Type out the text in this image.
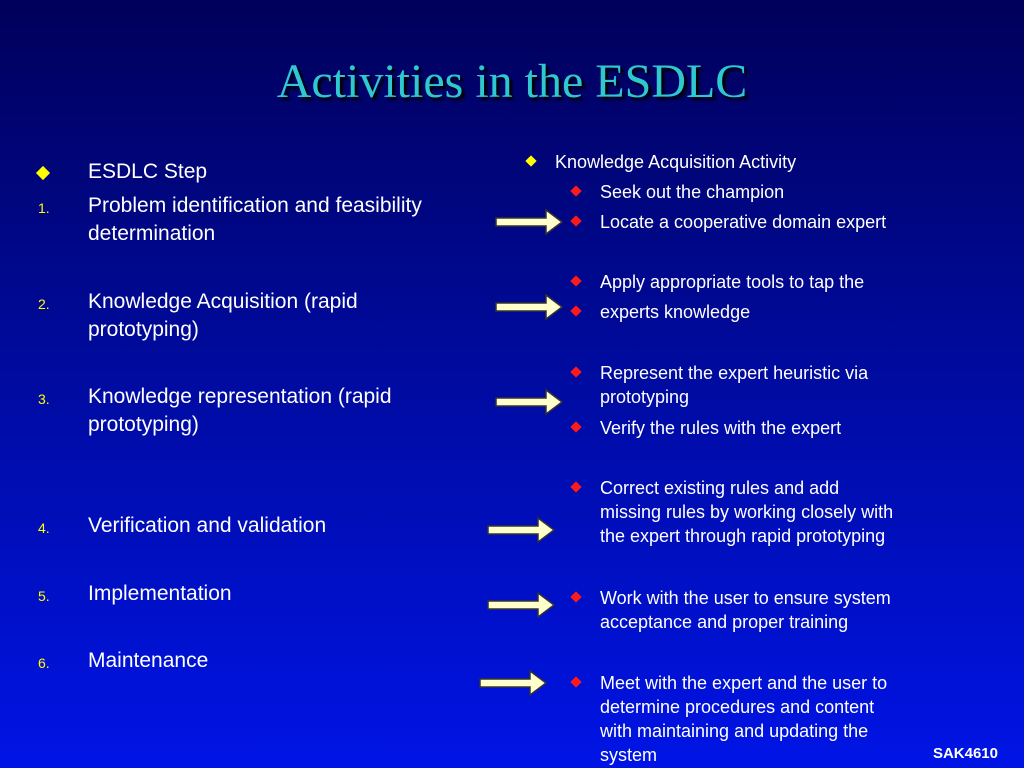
Activities in the ESDLC
ESDLC Step
1. Problem identification and feasibility
determination
2. Knowledge Acquisition (rapid
prototyping)
3. Knowledge representation (rapid
prototyping)
4. Verification and validation
5. Implementation
6. Maintenance
Knowledge Acquisition Activity
Seek out the champion
Locate a cooperative domain expert
Apply appropriate tools to tap the
experts knowledge
Represent the expert heuristic via
prototyping
Verify the rules with the expert
Correct existing rules and add
missing rules by working closely with
the expert through rapid prototyping
Work with the user to ensure system
acceptance and proper training
Meet with the expert and the user to
determine procedures and content
with maintaining and updating the
system	SAK4610
